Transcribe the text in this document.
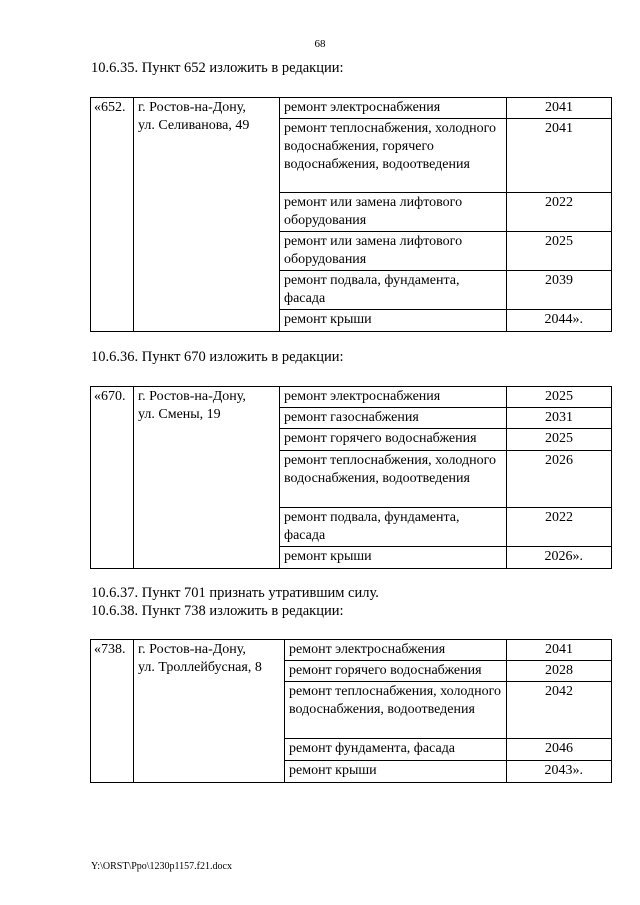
68
10.6.35. Пункт 652 изложить в редакции:
«652.	г. Ростов-на-Дону,
ул. Селиванова, 49	ремонт электроснабжения	2041
		ремонт теплоснабжения, холодного водоснабжения, горячего водоснабжения, водоотведения	2041
		ремонт или замена лифтового оборудования	2022
		ремонт или замена лифтового оборудования	2025
		ремонт подвала, фундамента, фасада	2039
		ремонт крыши	2044».
10.6.36. Пункт 670 изложить в редакции:
«670.	г. Ростов-на-Дону,
ул. Смены, 19	ремонт электроснабжения	2025
		ремонт газоснабжения	2031
		ремонт горячего водоснабжения	2025
		ремонт теплоснабжения, холодного водоснабжения, водоотведения	2026
		ремонт подвала, фундамента, фасада	2022
		ремонт крыши	2026».
10.6.37. Пункт 701 признать утратившим силу.
10.6.38. Пункт 738 изложить в редакции:
«738.	г. Ростов-на-Дону,
ул. Троллейбусная, 8	ремонт электроснабжения	2041
		ремонт горячего водоснабжения	2028
		ремонт теплоснабжения, холодного водоснабжения, водоотведения	2042
		ремонт фундамента, фасада	2046
		ремонт крыши	2043».
Y:\ORST\Ppo\1230p1157.f21.docx
